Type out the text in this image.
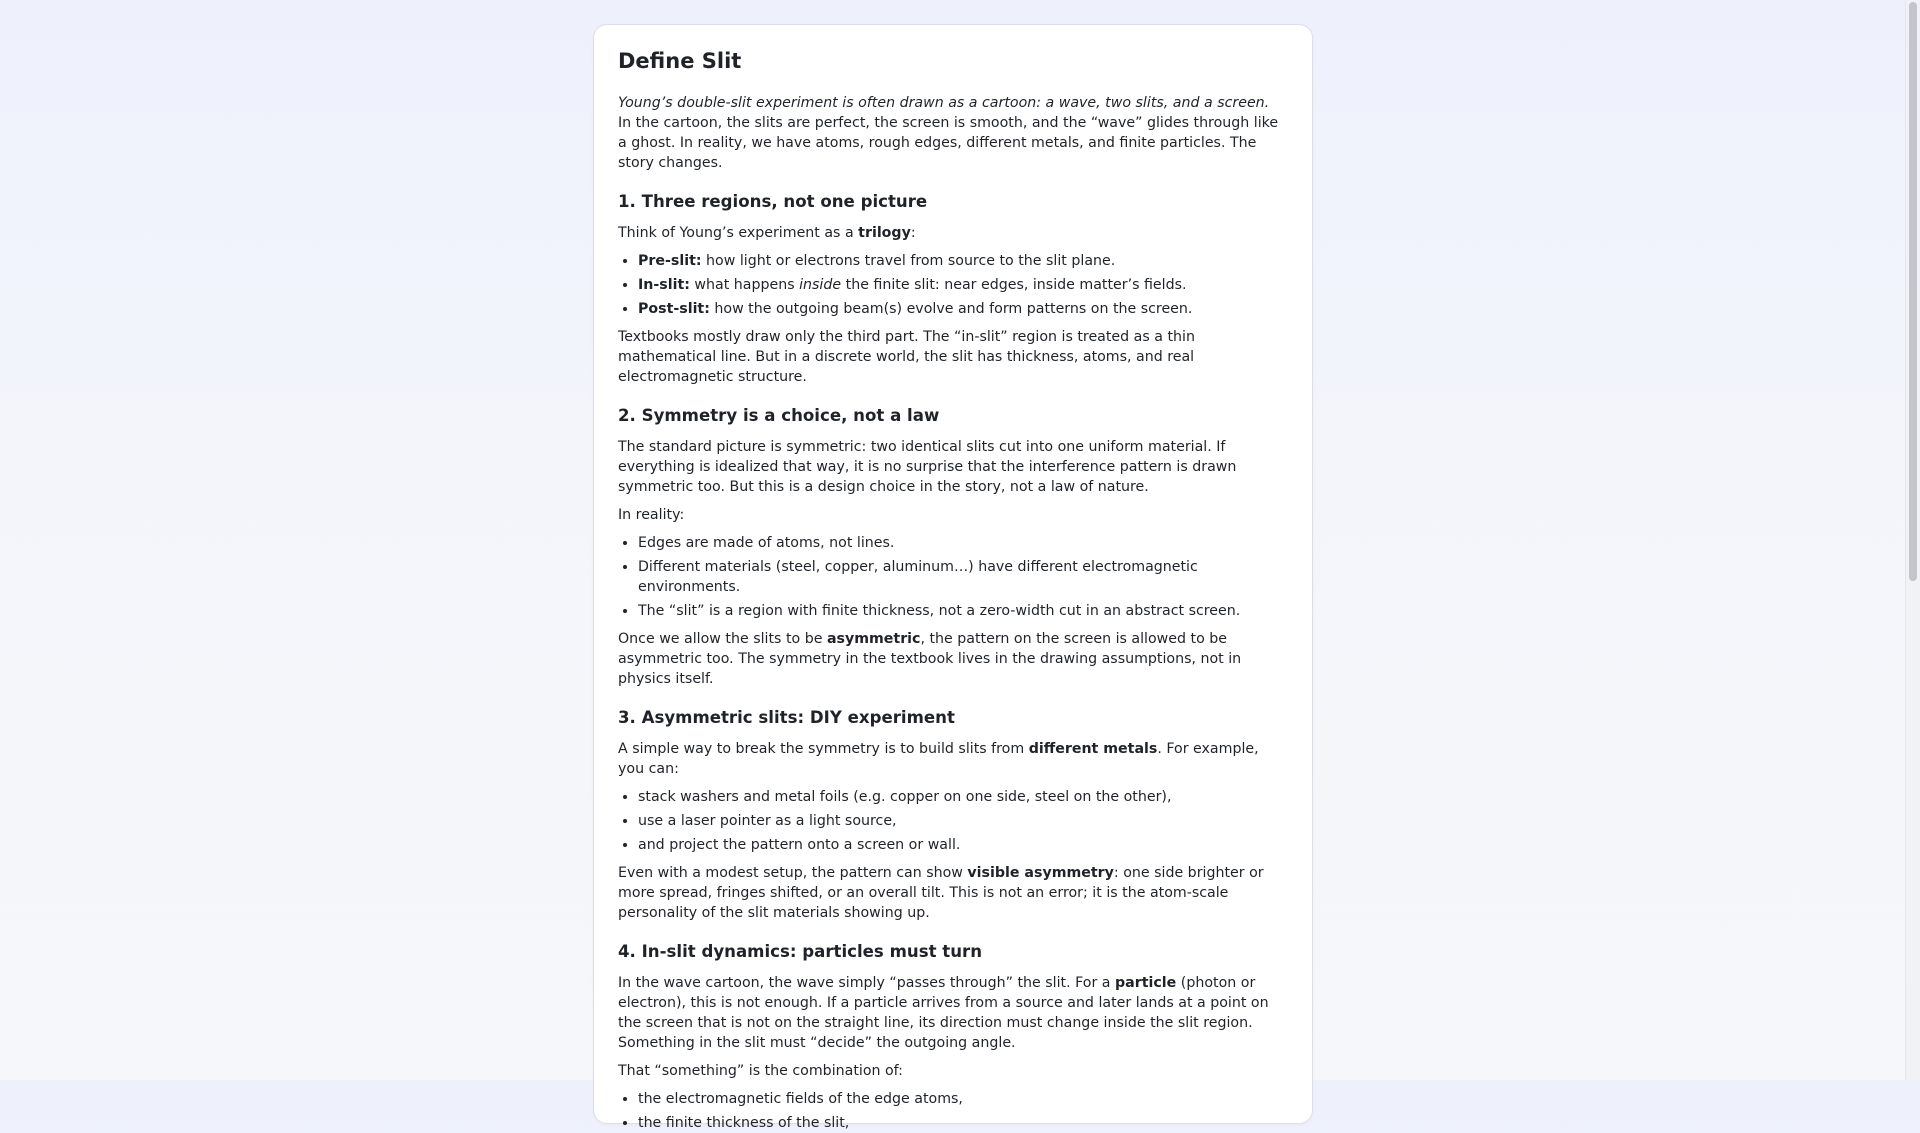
Define Slit

Young’s double-slit experiment is often drawn as a cartoon: a wave, two slits, and a screen.
In the cartoon, the slits are perfect, the screen is smooth, and the “wave” glides through like a ghost. In reality, we have atoms, rough edges, different metals, and finite particles. The story changes.

1. Three regions, not one picture

Think of Young’s experiment as a trilogy:

• Pre-slit: how light or electrons travel from source to the slit plane.
• In-slit: what happens inside the finite slit: near edges, inside matter’s fields.
• Post-slit: how the outgoing beam(s) evolve and form patterns on the screen.

Textbooks mostly draw only the third part. The “in-slit” region is treated as a thin mathematical line. But in a discrete world, the slit has thickness, atoms, and real electromagnetic structure.

2. Symmetry is a choice, not a law

The standard picture is symmetric: two identical slits cut into one uniform material. If everything is idealized that way, it is no surprise that the interference pattern is drawn symmetric too. But this is a design choice in the story, not a law of nature.

In reality:

• Edges are made of atoms, not lines.
• Different materials (steel, copper, aluminum…) have different electromagnetic environments.
• The “slit” is a region with finite thickness, not a zero-width cut in an abstract screen.

Once we allow the slits to be asymmetric, the pattern on the screen is allowed to be asymmetric too. The symmetry in the textbook lives in the drawing assumptions, not in physics itself.

3. Asymmetric slits: DIY experiment

A simple way to break the symmetry is to build slits from different metals. For example, you can:

• stack washers and metal foils (e.g. copper on one side, steel on the other),
• use a laser pointer as a light source,
• and project the pattern onto a screen or wall.

Even with a modest setup, the pattern can show visible asymmetry: one side brighter or more spread, fringes shifted, or an overall tilt. This is not an error; it is the atom-scale personality of the slit materials showing up.

4. In-slit dynamics: particles must turn

In the wave cartoon, the wave simply “passes through” the slit. For a particle (photon or electron), this is not enough. If a particle arrives from a source and later lands at a point on the screen that is not on the straight line, its direction must change inside the slit region. Something in the slit must “decide” the outgoing angle.

That “something” is the combination of:

• the electromagnetic fields of the edge atoms,
• the finite thickness of the slit,
